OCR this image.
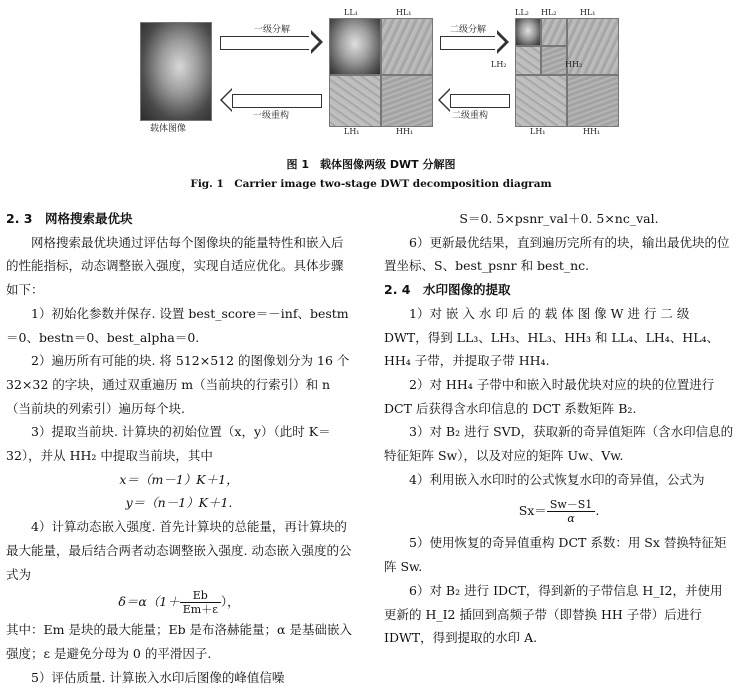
载体图像
一级分解
一级重构
LL₁	HL₁
LH₁	HH₁
二级分解
二级重构
LL₂ HL₂	HL₁
LH₂	HH₂
LH₁	HH₁
图 1　载体图像两级 DWT 分解图
Fig. 1　Carrier image two-stage DWT decomposition diagram

2. 3　网格搜索最优块

网格搜索最优块通过评估每个图像块的能量特性和嵌入后的性能指标，动态调整嵌入强度，实现自适应优化。具体步骤如下：

1）初始化参数并保存. 设置 best_score＝－inf、bestm＝0、bestn＝0、best_alpha＝0.

2）遍历所有可能的块. 将 512×512 的图像划分为 16 个 32×32 的字块，通过双重遍历 m（当前块的行索引）和 n（当前块的列索引）遍历每个块.

3）提取当前块. 计算块的初始位置（x，y）（此时 K＝32），并从 HH₂ 中提取当前块，其中

x＝（m－1）K＋1，

y＝（n－1）K＋1.

4）计算动态嵌入强度. 首先计算块的总能量，再计算块的最大能量，最后结合两者动态调整嵌入强度. 动态嵌入强度的公式为

$\delta=\alpha(1+ \frac{Eb}{Em+\varepsilon}$ ），

其中：Em 是块的最大能量；Eb 是布洛赫能量；α 是基础嵌入强度；ε 是避免分母为 0 的平滑因子.

5）评估质量. 计算嵌入水印后图像的峰值信噪

S＝0. 5×psnr_val＋0. 5×nc_val.

6）更新最优结果，直到遍历完所有的块，输出最优块的位置坐标、S、best_psnr 和 best_nc.

2. 4　水印图像的提取

1）对 嵌 入 水 印 后 的 载 体 图 像 W 进 行 二 级 DWT，得到 LL₃、LH₃、HL₃、HH₃ 和 LL₄、LH₄、HL₄、HH₄ 子带，并提取子带 HH₄.

2）对 HH₄ 子带中和嵌入时最优块对应的块的位置进行 DCT 后获得含水印信息的 DCT 系数矩阵 B₂.

3）对 B₂ 进行 SVD，获取新的奇异值矩阵（含水印信息的特征矩阵 Sw），以及对应的矩阵 Uw、Vw.

4）利用嵌入水印时的公式恢复水印的奇异值，公式为

$Sx= \frac{Sw-S1}{\alpha}$ .

5）使用恢复的奇异值重构 DCT 系数：用 Sx 替换特征矩阵 Sw.

6）对 B₂ 进行 IDCT，得到新的子带信息 H_I2，并使用更新的 H_I2 插回到高频子带（即替换 HH 子带）后进行 IDWT，得到提取的水印 A.
